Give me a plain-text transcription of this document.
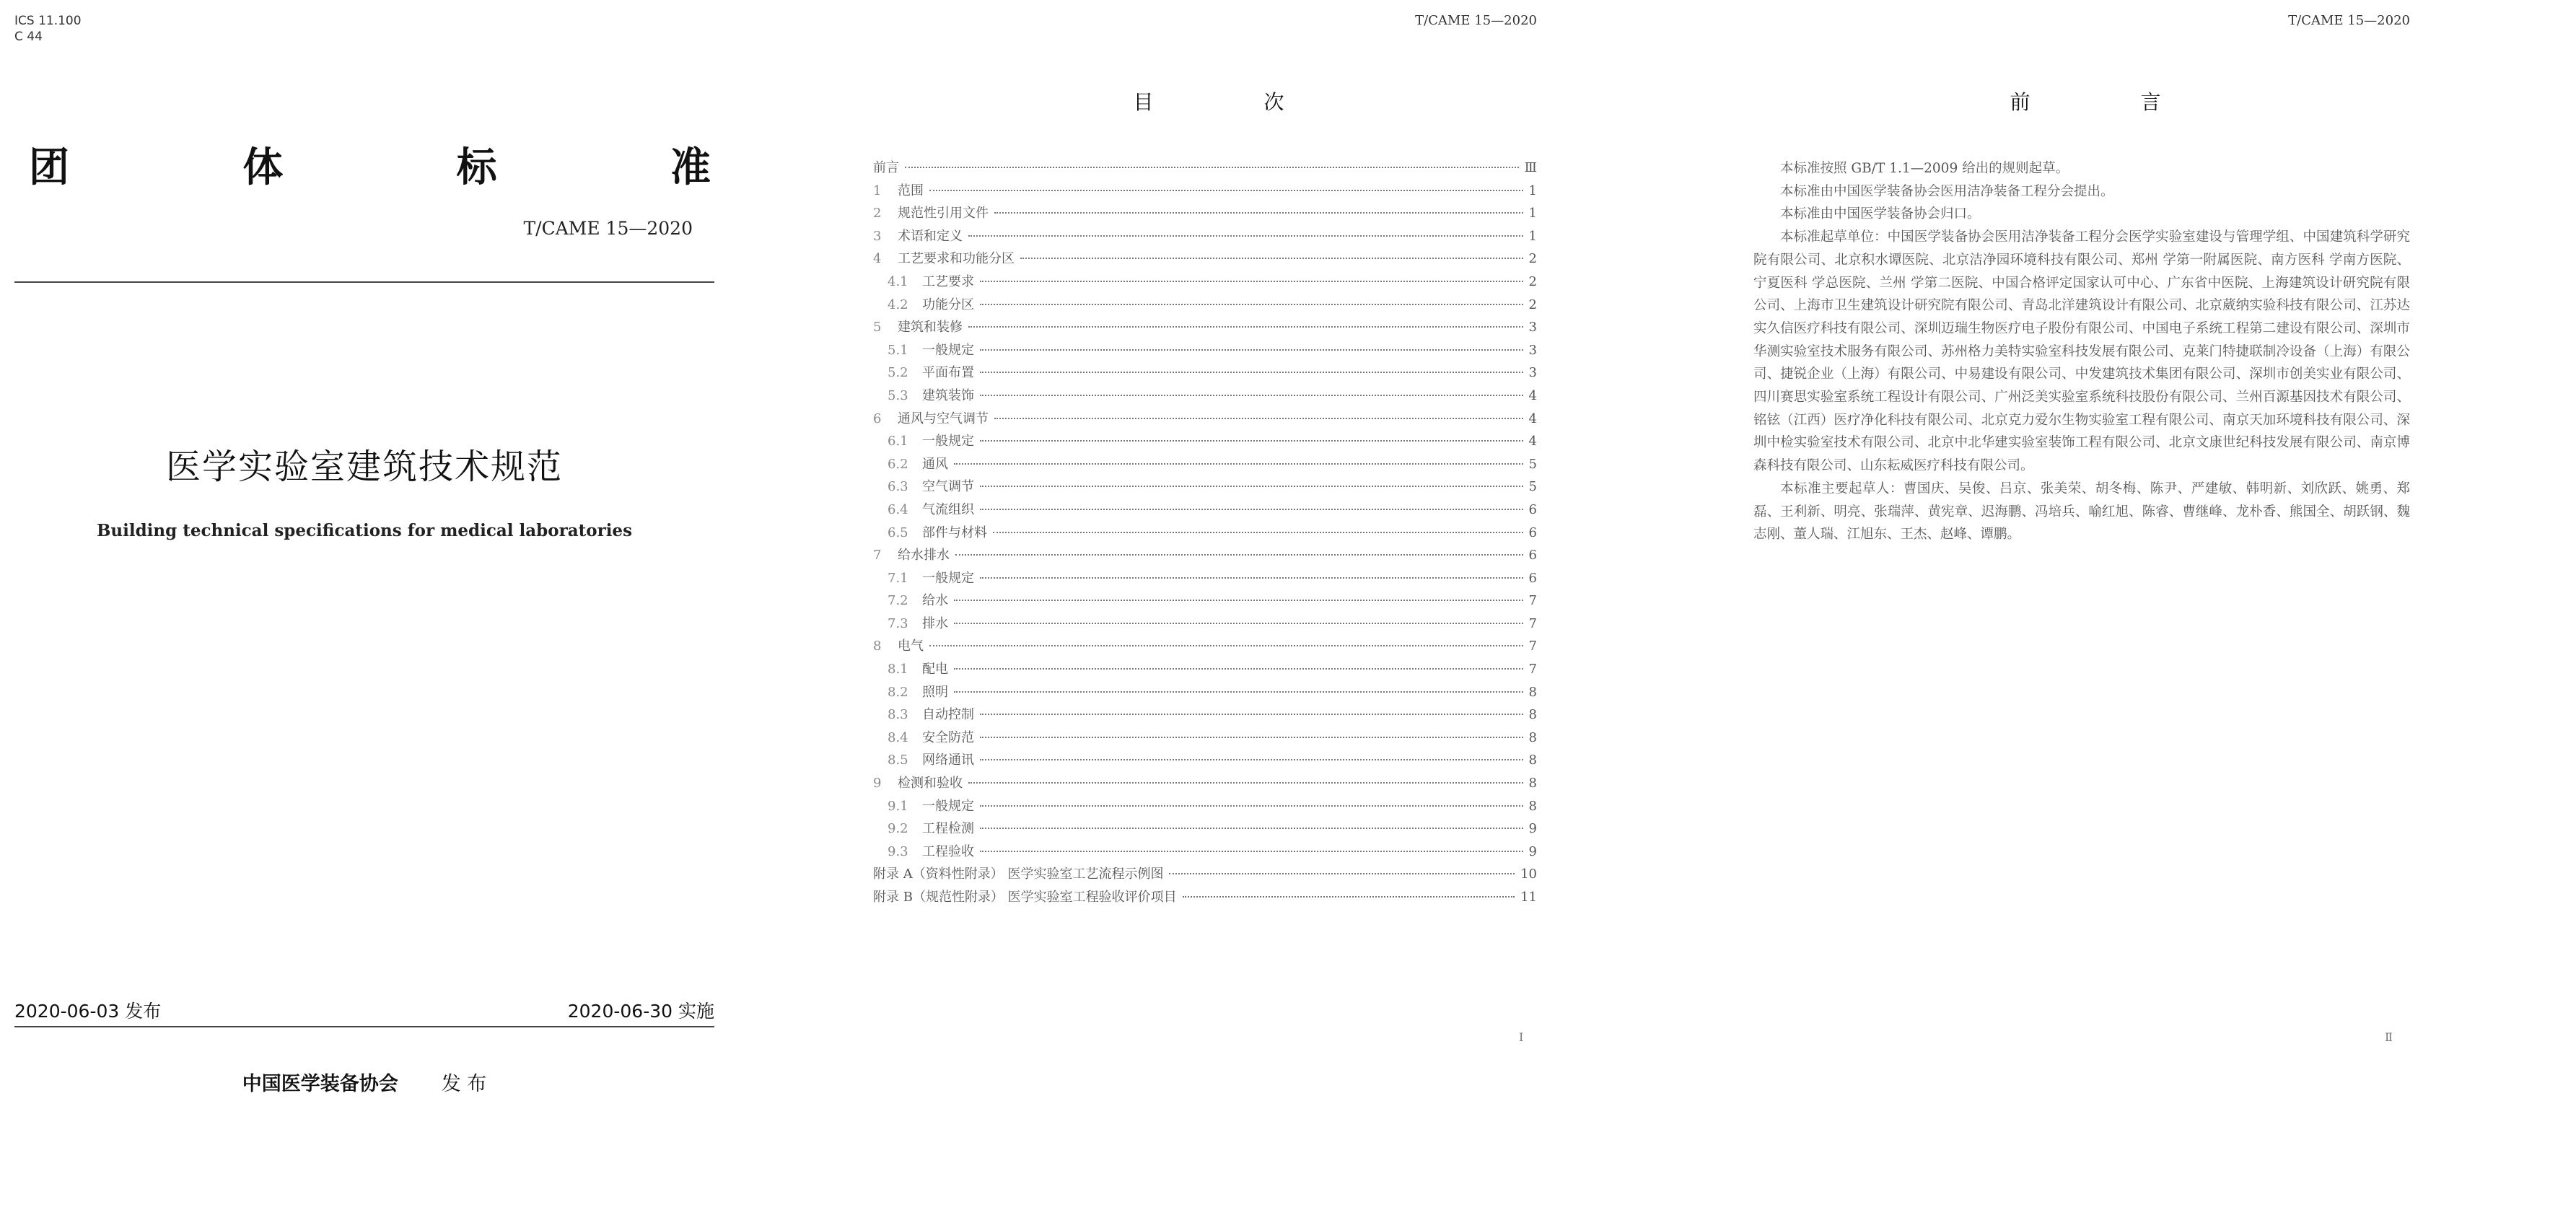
ICS 11.100
C 44
团	体	标	准
T/CAME 15—2020
医学实验室建筑技术规范
Building technical specifications for medical laboratories
2020-06-03 发布	2020-06-30 实施
中国医学装备协会 发 布
T/CAME 15—2020
目 次
前言	Ⅲ
1 范围	1
2 规范性引用文件	1
3 术语和定义	1
4 工艺要求和功能分区	2
4.1 工艺要求	2
4.2 功能分区	2
5 建筑和装修	3
5.1 一般规定	3
5.2 平面布置	3
5.3 建筑装饰	4
6 通风与空气调节	4
6.1 一般规定	4
6.2 通风	5
6.3 空气调节	5
6.4 气流组织	6
6.5 部件与材料	6
7 给水排水	6
7.1 一般规定	6
7.2 给水	7
7.3 排水	7
8 电气	7
8.1 配电	7
8.2 照明	8
8.3 自动控制	8
8.4 安全防范	8
8.5 网络通讯	8
9 检测和验收	8
9.1 一般规定	8
9.2 工程检测	9
9.3 工程验收	9
附录 A（资料性附录） 医学实验室工艺流程示例图	10
附录 B（规范性附录） 医学实验室工程验收评价项目	11
I
T/CAME 15—2020
前 言

本标准按照 GB/T 1.1—2009 给出的规则起草。

本标准由中国医学装备协会医用洁净装备工程分会提出。

本标准由中国医学装备协会归口。

本标准起草单位：中国医学装备协会医用洁净装备工程分会医学实验室建设与管理学组、中国建筑科学研究院有限公司、北京积水谭医院、北京洁净园环境科技有限公司、郑州 学第一附属医院、南方医科 学南方医院、宁夏医科 学总医院、兰州 学第二医院、中国合格评定国家认可中心、广东省中医院、上海建筑设计研究院有限公司、上海市卫生建筑设计研究院有限公司、青岛北洋建筑设计有限公司、北京葳纳实验科技有限公司、江苏达实久信医疗科技有限公司、深圳迈瑞生物医疗电子股份有限公司、中国电子系统工程第二建设有限公司、深圳市华测实验室技术服务有限公司、苏州格力美特实验室科技发展有限公司、克莱门特捷联制冷设备（上海）有限公司、捷锐企业（上海）有限公司、中易建设有限公司、中发建筑技术集团有限公司、深圳市创美实业有限公司、四川赛思实验室系统工程设计有限公司、广州泛美实验室系统科技股份有限公司、兰州百源基因技术有限公司、铭铉（江西）医疗净化科技有限公司、北京克力爱尔生物实验室工程有限公司、南京天加环境科技有限公司、深圳中检实验室技术有限公司、北京中北华建实验室装饰工程有限公司、北京文康世纪科技发展有限公司、南京博森科技有限公司、山东耘威医疗科技有限公司。

本标准主要起草人：曹国庆、吴俊、吕京、张美荣、胡冬梅、陈尹、严建敏、韩明新、刘欣跃、姚勇、郑磊、王利新、明亮、张瑞萍、黄宪章、迟海鹏、冯培兵、喻红旭、陈睿、曹继峰、龙朴香、熊国全、胡跃钢、魏志刚、董人瑞、江旭东、王杰、赵峰、谭鹏。

Ⅱ
